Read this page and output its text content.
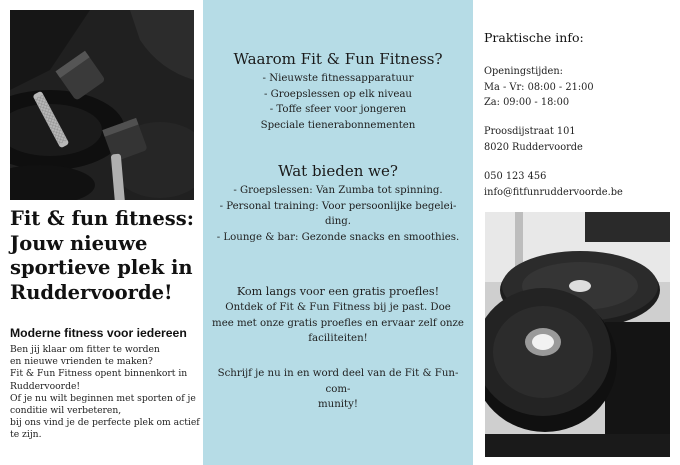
Fit & fun fitness:
Jouw nieuwe
sportieve plek in
Ruddervoorde!
Moderne fitness voor iedereen

Ben jij klaar om fitter te worden

en nieuwe vrienden te maken?

Fit & Fun Fitness opent binnenkort in

Ruddervoorde!

Of je nu wilt beginnen met sporten of je

conditie wil verbeteren,

bij ons vind je de perfecte plek om actief

te zijn.

Waarom Fit & Fun Fitness?
- Nieuwste fitnessapparatuur
- Groepslessen op elk niveau
- Toffe sfeer voor jongeren
Speciale tienerabonnementen
Wat bieden we?
- Groepslessen: Van Zumba tot spinning.
- Personal training: Voor persoonlijke begelei-
ding.
- Lounge & bar: Gezonde snacks en smoothies.
Kom langs voor een gratis proefles!
Ontdek of Fit & Fun Fitness bij je past. Doe
mee met onze gratis proefles en ervaar zelf onze
faciliteiten!
Schrijf je nu in en word deel van de Fit & Fun-com-
munity!
Praktische info:
Openingstijden:
Ma - Vr: 08:00 - 21:00
Za: 09:00 - 18:00
Proosdijstraat 101
8020 Ruddervoorde
050 123 456
info@fitfunruddervoorde.be
